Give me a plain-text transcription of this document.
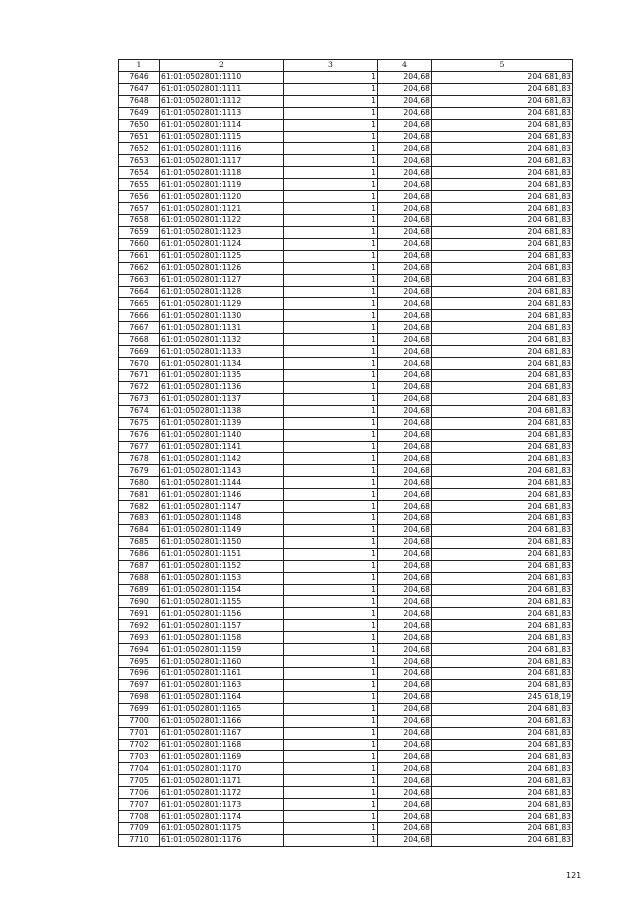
1	2	3	4	5
7646	61:01:0502801:1110	1	204,68	204 681,83
7647	61:01:0502801:1111	1	204,68	204 681,83
7648	61:01:0502801:1112	1	204,68	204 681,83
7649	61:01:0502801:1113	1	204,68	204 681,83
7650	61:01:0502801:1114	1	204,68	204 681,83
7651	61:01:0502801:1115	1	204,68	204 681,83
7652	61:01:0502801:1116	1	204,68	204 681,83
7653	61:01:0502801:1117	1	204,68	204 681,83
7654	61:01:0502801:1118	1	204,68	204 681,83
7655	61:01:0502801:1119	1	204,68	204 681,83
7656	61:01:0502801:1120	1	204,68	204 681,83
7657	61:01:0502801:1121	1	204,68	204 681,83
7658	61:01:0502801:1122	1	204,68	204 681,83
7659	61:01:0502801:1123	1	204,68	204 681,83
7660	61:01:0502801:1124	1	204,68	204 681,83
7661	61:01:0502801:1125	1	204,68	204 681,83
7662	61:01:0502801:1126	1	204,68	204 681,83
7663	61:01:0502801:1127	1	204,68	204 681,83
7664	61:01:0502801:1128	1	204,68	204 681,83
7665	61:01:0502801:1129	1	204,68	204 681,83
7666	61:01:0502801:1130	1	204,68	204 681,83
7667	61:01:0502801:1131	1	204,68	204 681,83
7668	61:01:0502801:1132	1	204,68	204 681,83
7669	61:01:0502801:1133	1	204,68	204 681,83
7670	61:01:0502801:1134	1	204,68	204 681,83
7671	61:01:0502801:1135	1	204,68	204 681,83
7672	61:01:0502801:1136	1	204,68	204 681,83
7673	61:01:0502801:1137	1	204,68	204 681,83
7674	61:01:0502801:1138	1	204,68	204 681,83
7675	61:01:0502801:1139	1	204,68	204 681,83
7676	61:01:0502801:1140	1	204,68	204 681,83
7677	61:01:0502801:1141	1	204,68	204 681,83
7678	61:01:0502801:1142	1	204,68	204 681,83
7679	61:01:0502801:1143	1	204,68	204 681,83
7680	61:01:0502801:1144	1	204,68	204 681,83
7681	61:01:0502801:1146	1	204,68	204 681,83
7682	61:01:0502801:1147	1	204,68	204 681,83
7683	61:01:0502801:1148	1	204,68	204 681,83
7684	61:01:0502801:1149	1	204,68	204 681,83
7685	61:01:0502801:1150	1	204,68	204 681,83
7686	61:01:0502801:1151	1	204,68	204 681,83
7687	61:01:0502801:1152	1	204,68	204 681,83
7688	61:01:0502801:1153	1	204,68	204 681,83
7689	61:01:0502801:1154	1	204,68	204 681,83
7690	61:01:0502801:1155	1	204,68	204 681,83
7691	61:01:0502801:1156	1	204,68	204 681,83
7692	61:01:0502801:1157	1	204,68	204 681,83
7693	61:01:0502801:1158	1	204,68	204 681,83
7694	61:01:0502801:1159	1	204,68	204 681,83
7695	61:01:0502801:1160	1	204,68	204 681,83
7696	61:01:0502801:1161	1	204,68	204 681,83
7697	61:01:0502801:1163	1	204,68	204 681,83
7698	61:01:0502801:1164	1	204,68	245 618,19
7699	61:01:0502801:1165	1	204,68	204 681,83
7700	61:01:0502801:1166	1	204,68	204 681,83
7701	61:01:0502801:1167	1	204,68	204 681,83
7702	61:01:0502801:1168	1	204,68	204 681,83
7703	61:01:0502801:1169	1	204,68	204 681,83
7704	61:01:0502801:1170	1	204,68	204 681,83
7705	61:01:0502801:1171	1	204,68	204 681,83
7706	61:01:0502801:1172	1	204,68	204 681,83
7707	61:01:0502801:1173	1	204,68	204 681,83
7708	61:01:0502801:1174	1	204,68	204 681,83
7709	61:01:0502801:1175	1	204,68	204 681,83
7710	61:01:0502801:1176	1	204,68	204 681,83
121
